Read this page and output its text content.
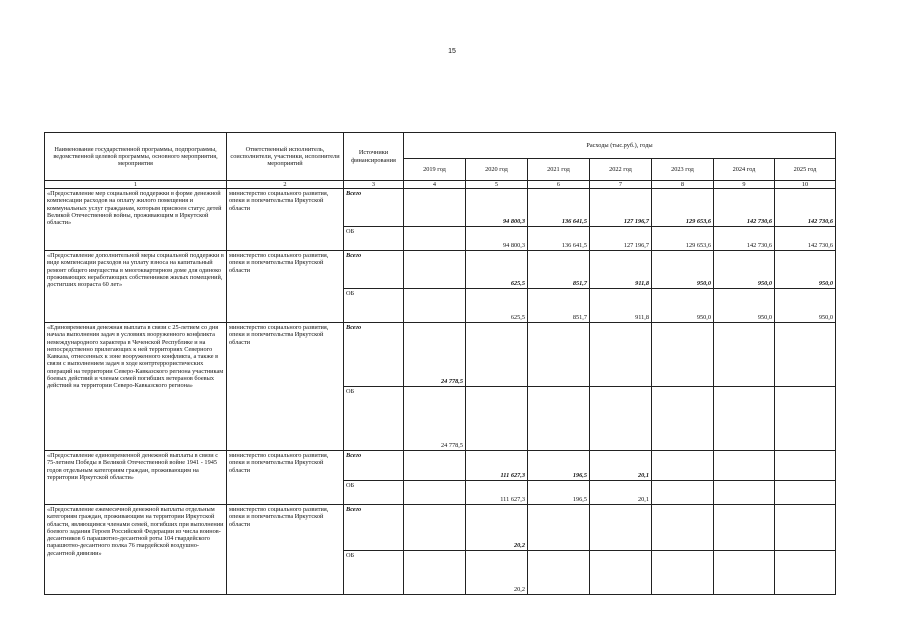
15
Наименование государственной программы, подпрограммы, ведомственной целевой программы, основного мероприятия, мероприятия	Ответственный исполнитель, соисполнители, участники, исполнители мероприятий	Источники финансирования	Расходы (тыс.руб.), годы						
			2019 год	2020 год	2021 год	2022 год	2023 год	2024 год	2025 год
1	2	3	4	5	6	7	8	9	10
«Предоставление мер социальной поддержки в форме денежной компенсации расходов на оплату жилого помещения и коммунальных услуг гражданам, которым присвоен статус детей Великой Отечественной войны, проживающим в Иркутской области»	министерство социального развития, опеки и попечительства Иркутской области	Всего		94 800,3	136 641,5	127 196,7	129 653,6	142 730,6	142 730,6
		ОБ		94 800,3	136 641,5	127 196,7	129 653,6	142 730,6	142 730,6
«Предоставление дополнительной меры социальной поддержки в виде компенсации расходов на уплату взноса на капитальный ремонт общего имущества в многоквартирном доме для одиноко проживающих неработающих собственников жилых помещений, достигших возраста 60 лет»	министерство социального развития, опеки и попечительства Иркутской области	Всего		625,5	851,7	911,8	950,0	950,0	950,0
		ОБ		625,5	851,7	911,8	950,0	950,0	950,0
«Единовременная денежная выплата в связи с 25-летием со дня начала выполнения задач в условиях вооруженного конфликта немеждународного характера в Чеченской Республике и на непосредственно прилегающих к ней территориях Северного Кавказа, отнесенных к зоне вооруженного конфликта, а также в связи с выполнением задач в ходе контртеррористических операций на территории Северо-Кавказского региона участникам боевых действий и членам семей погибших ветеранов боевых действий на территории Северо-Кавказского региона»	министерство социального развития, опеки и попечительства Иркутской области	Всего	24 778,5						
		ОБ	24 778,5						
«Предоставление единовременной денежной выплаты в связи с 75-летием Победы в Великой Отечественной войне 1941 - 1945 годов отдельным категориям граждан, проживающим на территории Иркутской области»	министерство социального развития, опеки и попечительства Иркутской области	Всего		111 627,3	196,5	20,1			
		ОБ		111 627,3	196,5	20,1			
«Предоставление ежемесячной денежной выплаты отдельным категориям граждан, проживающим на территории Иркутской области, являющимся членами семей, погибших при выполнении боевого задания Героев Российской Федерации из числа воинов-десантников 6 парашютно-десантной роты 104 гвардейского парашютно-десантного полка 76 гвардейской воздушно-десантной дивизии»	министерство социального развития, опеки и попечительства Иркутской области	Всего		20,2					
		ОБ		20,2					
